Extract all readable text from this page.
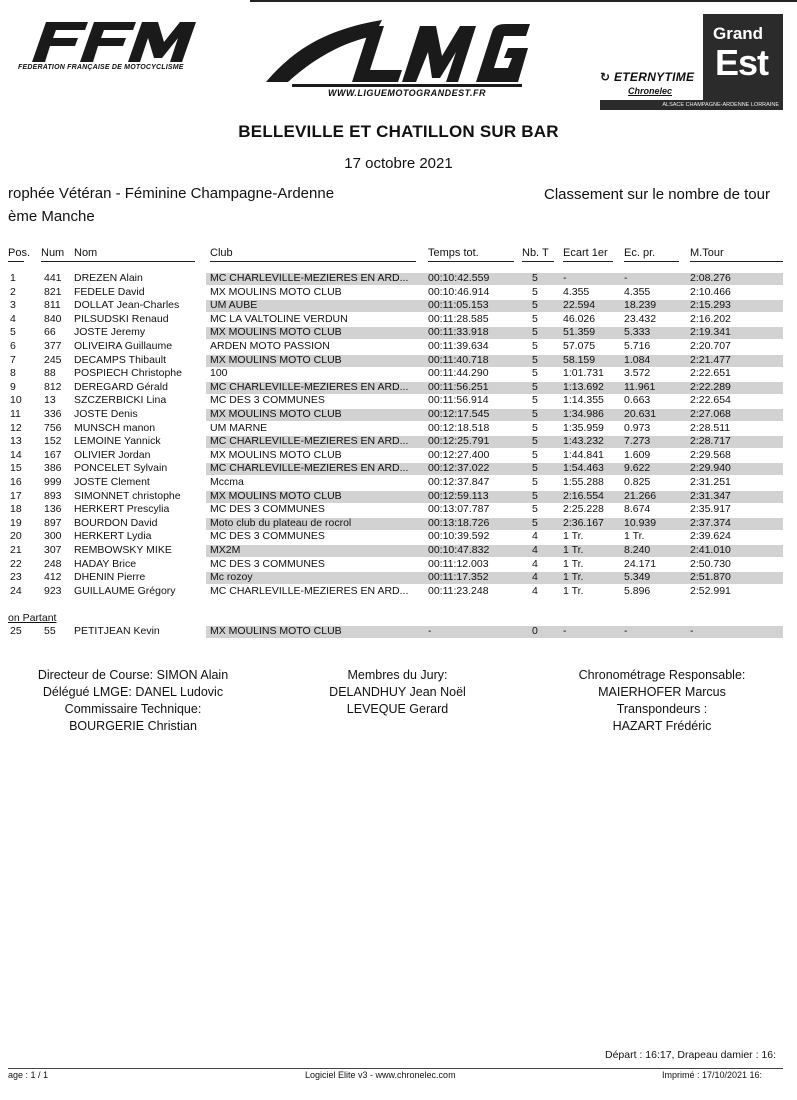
FEDERATION FRANÇAISE DE MOTOCYCLISME
WWW.LIGUEMOTOGRANDEST.FR
↻ ETERNYTIME
Chronelec
Grand
Est
ALSACE CHAMPAGNE-ARDENNE LORRAINE
BELLEVILLE ET CHATILLON SUR BAR
17 octobre 2021
rophée Vétéran - Féminine Champagne-Ardenne	Classement sur le nombre de tour
ème Manche
Pos. Num Nom	Club	Temps tot.	Nb. T Ecart 1er Ec. pr.	M.Tour
1	441 DREZEN Alain	MC CHARLEVILLE-MEZIERES EN ARD... 00:10:42.559	5 -	-	2:08.276
2	821 FEDELE David	MX MOULINS MOTO CLUB	00:10:46.914	5 4.355	4.355	2:10.466
3	811 DOLLAT Jean-Charles	UM AUBE	00:11:05.153	5 22.594	18.239	2:15.293
4	840 PILSUDSKI Renaud	MC LA VALTOLINE VERDUN	00:11:28.585	5 46.026	23.432	2:16.202
5	66 JOSTE Jeremy	MX MOULINS MOTO CLUB	00:11:33.918	5 51.359	5.333	2:19.341
6	377 OLIVEIRA Guillaume	ARDEN MOTO PASSION	00:11:39.634	5 57.075	5.716	2:20.707
7	245 DECAMPS Thibault	MX MOULINS MOTO CLUB	00:11:40.718	5 58.159	1.084	2:21.477
8	88 POSPIECH Christophe	100	00:11:44.290	5 1:01.731 3.572	2:22.651
9	812 DEREGARD Gérald	MC CHARLEVILLE-MEZIERES EN ARD... 00:11:56.251	5 1:13.692 11.961	2:22.289
10 13 SZCZERBICKI Lina	MC DES 3 COMMUNES	00:11:56.914	5 1:14.355 0.663	2:22.654
11 336 JOSTE Denis	MX MOULINS MOTO CLUB	00:12:17.545	5 1:34.986 20.631	2:27.068
12 756 MUNSCH manon	UM MARNE	00:12:18.518	5 1:35.959 0.973	2:28.511
13 152 LEMOINE Yannick	MC CHARLEVILLE-MEZIERES EN ARD... 00:12:25.791	5 1:43.232 7.273	2:28.717
14 167 OLIVIER Jordan	MX MOULINS MOTO CLUB	00:12:27.400	5 1:44.841 1.609	2:29.568
15 386 PONCELET Sylvain	MC CHARLEVILLE-MEZIERES EN ARD... 00:12:37.022	5 1:54.463 9.622	2:29.940
16 999 JOSTE Clement	Mccma	00:12:37.847	5 1:55.288 0.825	2:31.251
17 893 SIMONNET christophe	MX MOULINS MOTO CLUB	00:12:59.113	5 2:16.554 21.266	2:31.347
18 136 HERKERT Prescylia	MC DES 3 COMMUNES	00:13:07.787	5 2:25.228 8.674	2:35.917
19 897 BOURDON David	Moto club du plateau de rocrol	00:13:18.726	5 2:36.167 10.939	2:37.374
20 300 HERKERT Lydia	MC DES 3 COMMUNES	00:10:39.592	4 1 Tr.	1 Tr.	2:39.624
21 307 REMBOWSKY MIKE	MX2M	00:10:47.832	4 1 Tr.	8.240	2:41.010
22 248 HADAY Brice	MC DES 3 COMMUNES	00:11:12.003	4 1 Tr.	24.171	2:50.730
23 412 DHENIN Pierre	Mc rozoy	00:11:17.352	4 1 Tr.	5.349	2:51.870
24 923 GUILLAUME Grégory	MC CHARLEVILLE-MEZIERES EN ARD... 00:11:23.248	4 1 Tr.	5.896	2:52.991
on Partant
25 55 PETITJEAN Kevin	MX MOULINS MOTO CLUB	-	0 -	-	-
Directeur de Course: SIMON Alain
Délégué LMGE: DANEL Ludovic
Commissaire Technique:
BOURGERIE Christian
Membres du Jury:
DELANDHUY Jean Noël
LEVEQUE Gerard
Chronométrage Responsable:
MAIERHOFER Marcus
Transpondeurs :
HAZART Frédéric
Départ : 16:17, Drapeau damier : 16:
age : 1 / 1	Logiciel Elite v3 - www.chronelec.com	Imprimé : 17/10/2021 16:
